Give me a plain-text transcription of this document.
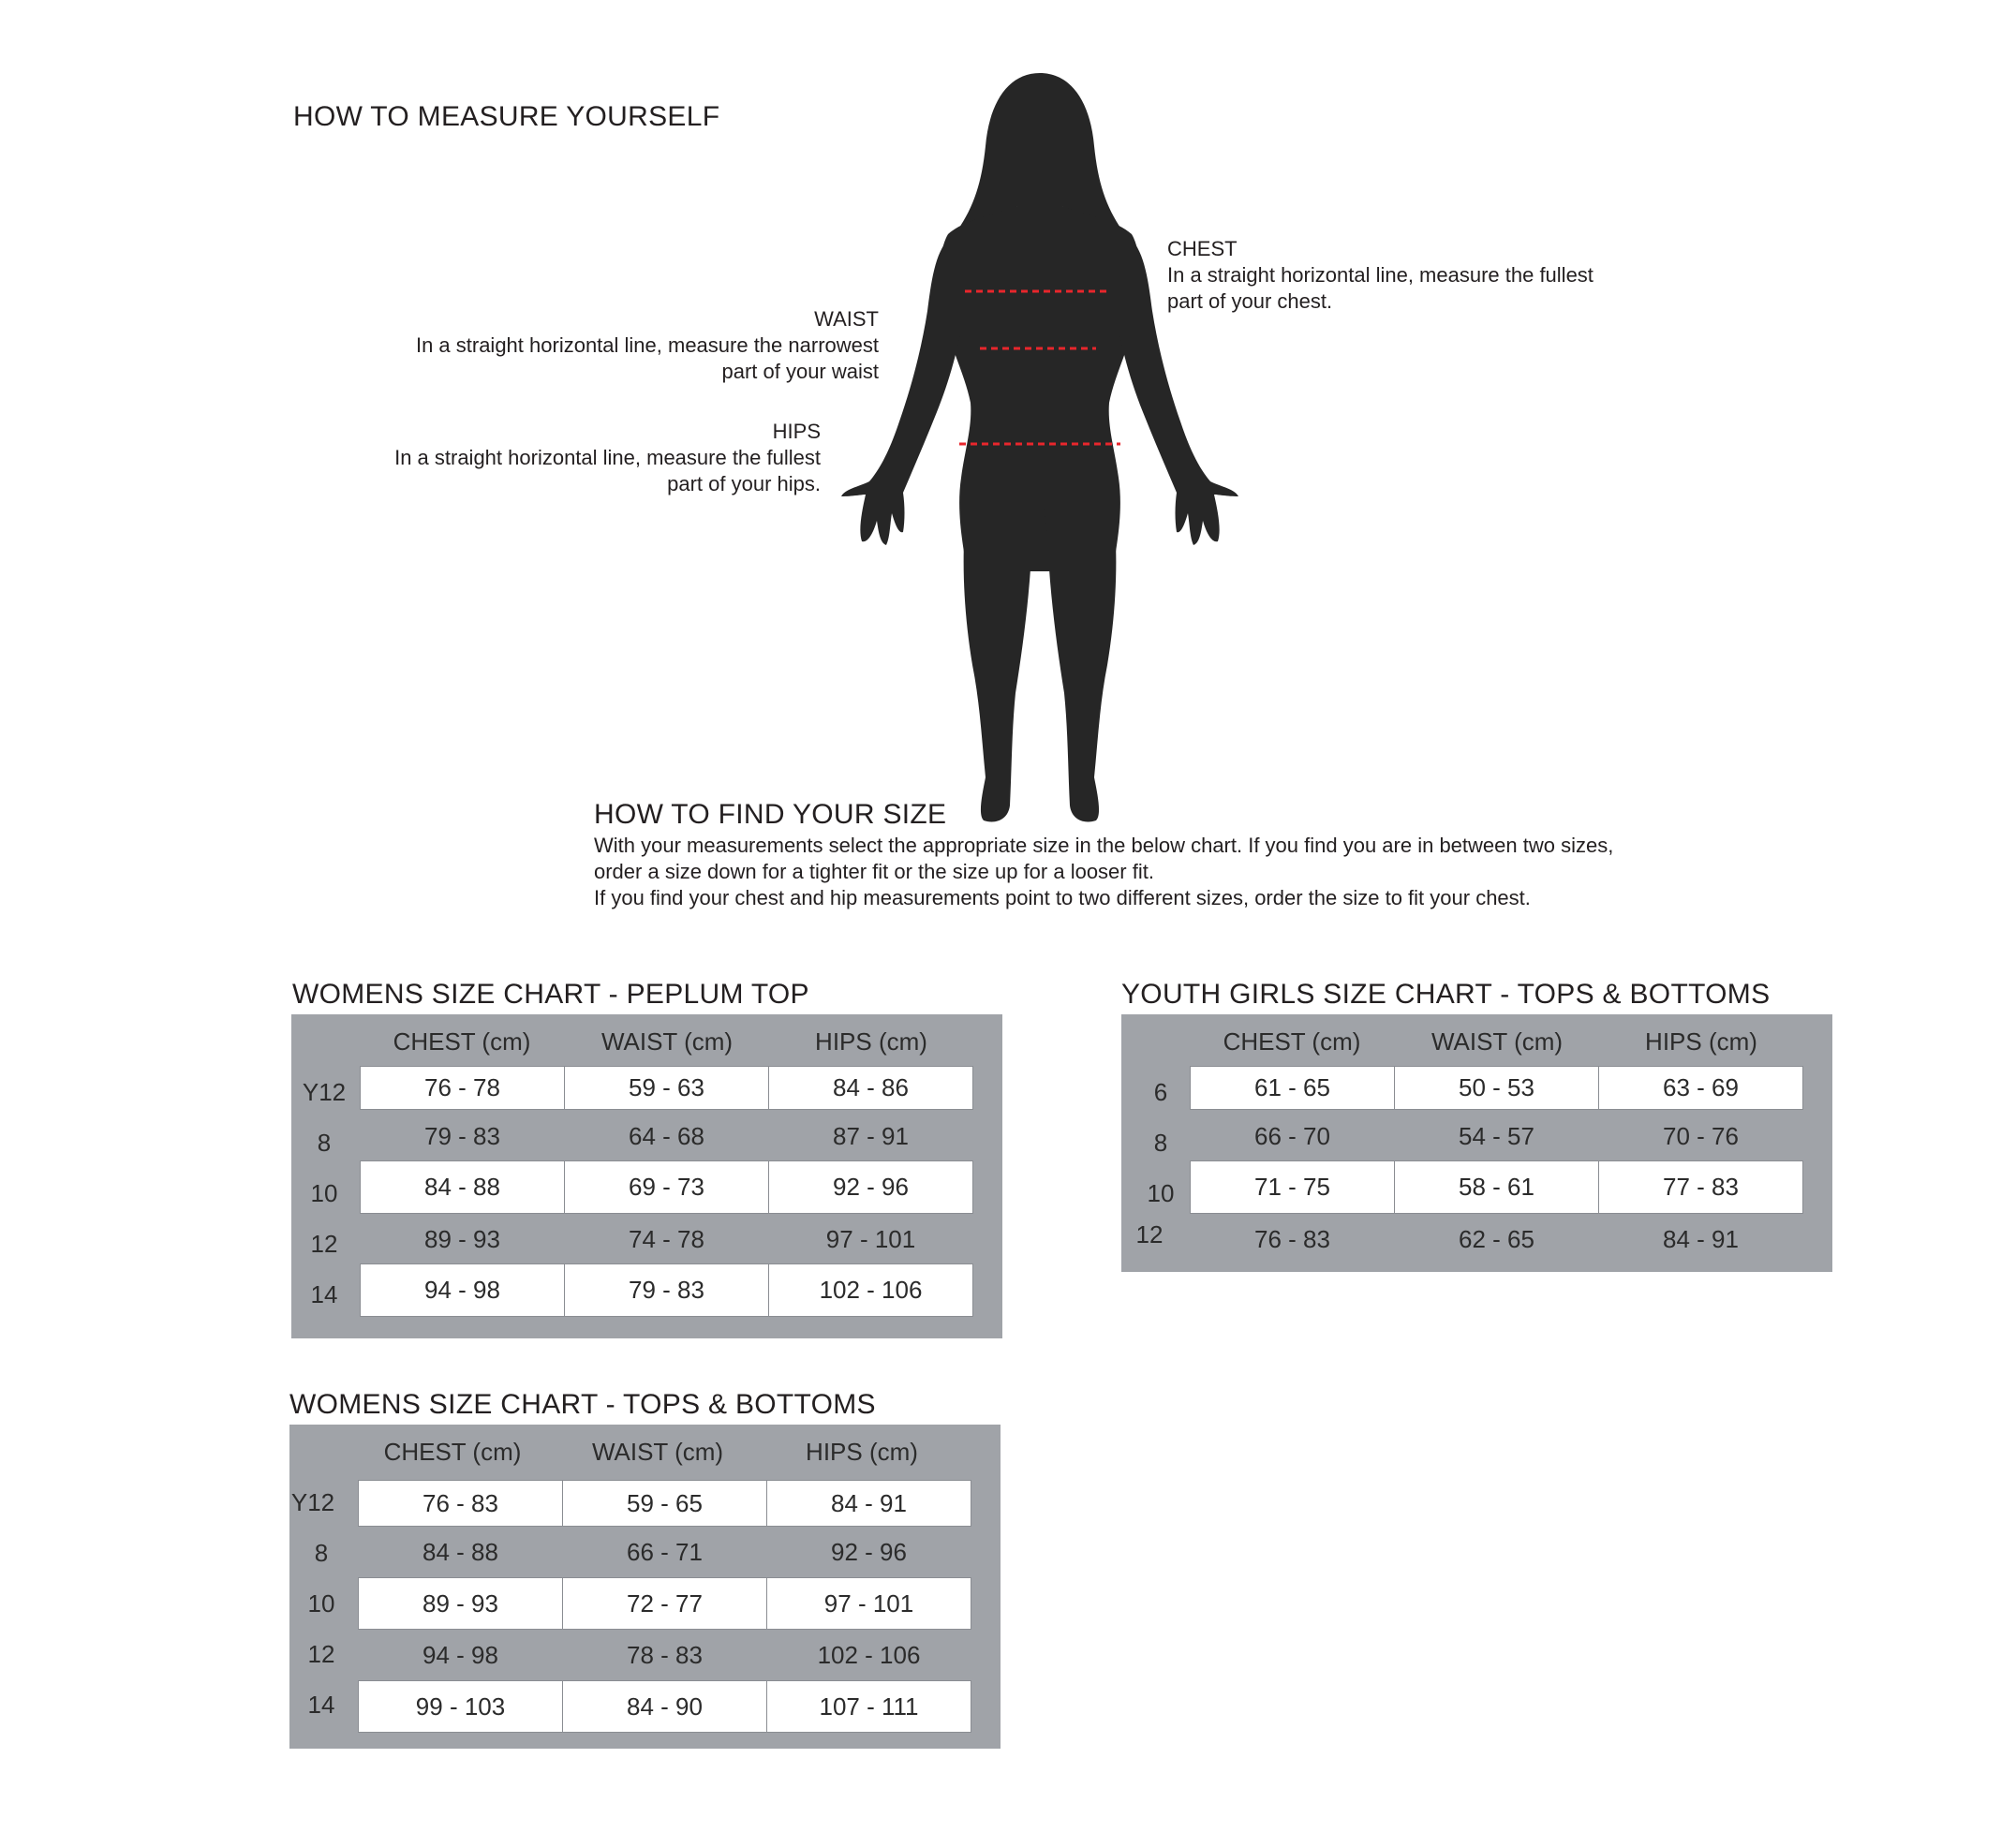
HOW TO MEASURE YOURSELF
CHEST
In a straight horizontal line, measure the fullest
part of your chest.
WAIST
In a straight horizontal line, measure the narrowest
part of your waist
HIPS
In a straight horizontal line, measure the fullest
part of your hips.
HOW TO FIND YOUR SIZE
With your measurements select the appropriate size in the below chart. If you find you are in between two sizes,
order a size down for a tighter fit or the size up for a looser fit.
If you find your chest and hip measurements point to two different sizes, order the size to fit your chest.
WOMENS SIZE CHART - PEPLUM TOP
CHEST (cm)	WAIST (cm)	HIPS (cm)
Y12	76 - 78	59 - 63	84 - 86
8	79 - 83	64 - 68	87 - 91
10	84 - 88	69 - 73	92 - 96
12	89 - 93	74 - 78	97 - 101
14	94 - 98	79 - 83	102 - 106
YOUTH GIRLS SIZE CHART - TOPS & BOTTOMS
CHEST (cm)	WAIST (cm)	HIPS (cm)
6	61 - 65	50 - 53	63 - 69
8	66 - 70	54 - 57	70 - 76
10	71 - 75	58 - 61	77 - 83
12	76 - 83	62 - 65	84 - 91
WOMENS SIZE CHART - TOPS & BOTTOMS
CHEST (cm)	WAIST (cm)	HIPS (cm)
Y12	76 - 83	59 - 65	84 - 91
8	84 - 88	66 - 71	92 - 96
10	89 - 93	72 - 77	97 - 101
12	94 - 98	78 - 83	102 - 106
14	99 - 103	84 - 90	107 - 111
